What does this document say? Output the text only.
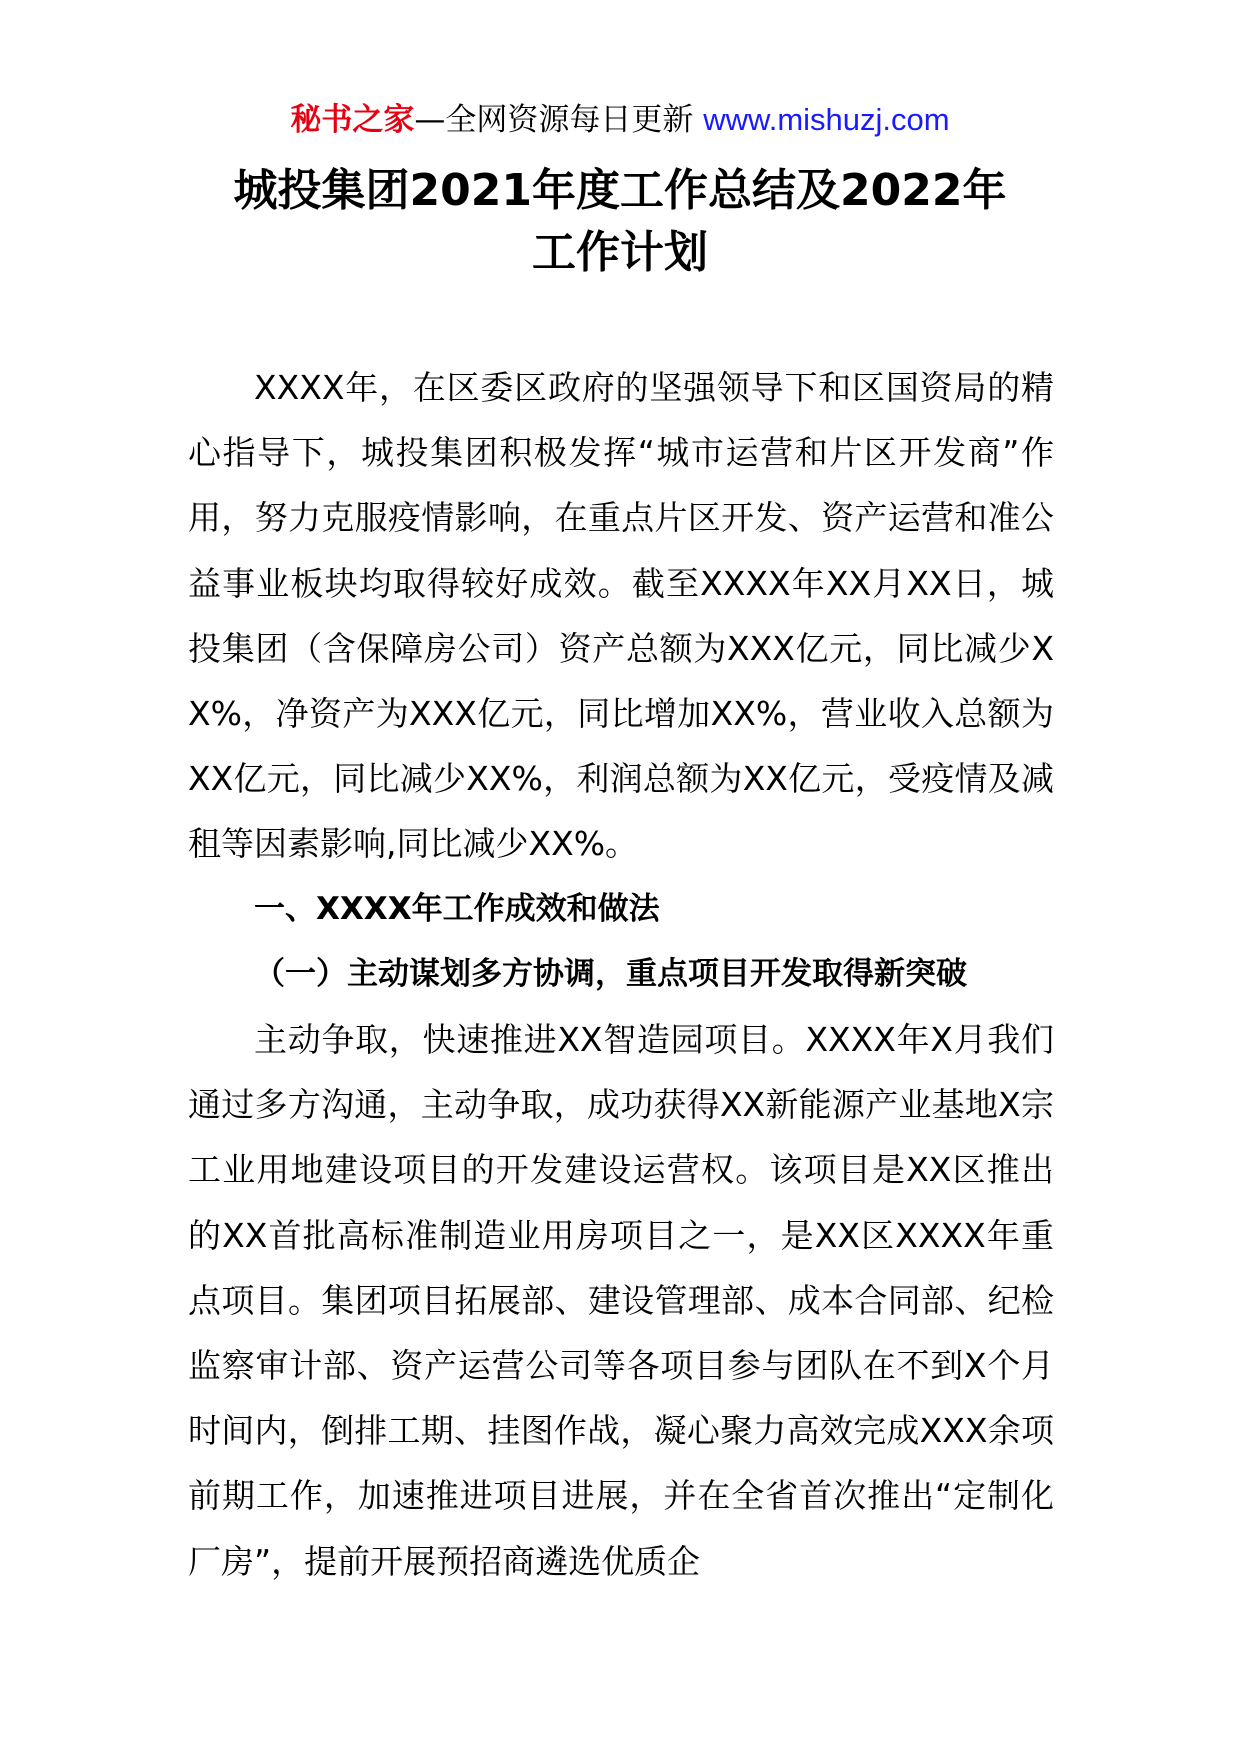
秘书之家—全网资源每日更新 www.mishuzj.com
城投集团2021年度工作总结及2022年
工作计划

XXXX年，在区委区政府的坚强领导下和区国资局的精心指导下，城投集团积极发挥“城市运营和片区开发商”作用，努力克服疫情影响，在重点片区开发、资产运营和准公益事业板块均取得较好成效。截至XXXX年XX月XX日，城投集团（含保障房公司）资产总额为XXX亿元，同比减少XX%，净资产为XXX亿元，同比增加XX%，营业收入总额为XX亿元，同比减少XX%，利润总额为XX亿元，受疫情及减租等因素影响,同比减少XX%。

一、XXXX年工作成效和做法

（一）主动谋划多方协调，重点项目开发取得新突破

主动争取，快速推进XX智造园项目。XXXX年X月我们通过多方沟通，主动争取，成功获得XX新能源产业基地X宗工业用地建设项目的开发建设运营权。该项目是XX区推出的XX首批高标准制造业用房项目之一，是XX区XXXX年重点项目。集团项目拓展部、建设管理部、成本合同部、纪检监察审计部、资产运营公司等各项目参与团队在不到X个月时间内，倒排工期、挂图作战，凝心聚力高效完成XXX余项前期工作，加速推进项目进展，并在全省首次推出“定制化厂房”，提前开展预招商遴选优质企
